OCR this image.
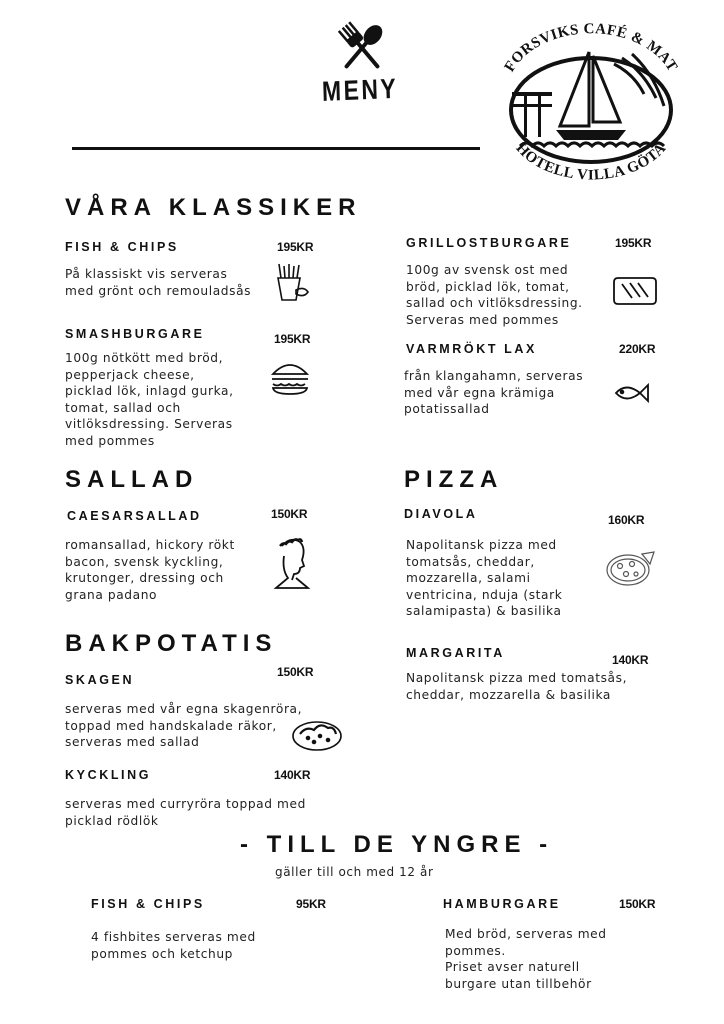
MENY
FORSVIKS CAFÉ & MAT
HOTELL VILLA GÖTA
VÅRA KLASSIKER
FISH & CHIPS	195KR
På klassiskt vis serveras
med grönt och remouladsås
SMASHBURGARE	195KR
100g nötkött med bröd,
pepperjack cheese,
picklad lök, inlagd gurka,
tomat, sallad och
vitlöksdressing. Serveras
med pommes
GRILLOSTBURGARE	195KR
100g av svensk ost med
bröd, picklad lök, tomat,
sallad och vitlöksdressing.
Serveras med pommes
VARMRÖKT LAX	220KR
från klangahamn, serveras
med vår egna krämiga
potatissallad
SALLAD
CAESARSALLAD	150KR
romansallad, hickory rökt
bacon, svensk kyckling,
krutonger, dressing och
grana padano
PIZZA
DIAVOLA	160KR
Napolitansk pizza med
tomatsås, cheddar,
mozzarella, salami
ventricina, nduja (stark
salamipasta) & basilika
MARGARITA	140KR
Napolitansk pizza med tomatsås,
cheddar, mozzarella & basilika
BAKPOTATIS
SKAGEN
150KR
serveras med vår egna skagenröra,
toppad med handskalade räkor,
serveras med sallad
KYCKLING	140KR
serveras med curryröra toppad med
picklad rödlök
- TILL DE YNGRE -
gäller till och med 12 år
FISH & CHIPS	95KR
4 fishbites serveras med
pommes och ketchup
HAMBURGARE	150KR
Med bröd, serveras med
pommes.
Priset avser naturell
burgare utan tillbehör
